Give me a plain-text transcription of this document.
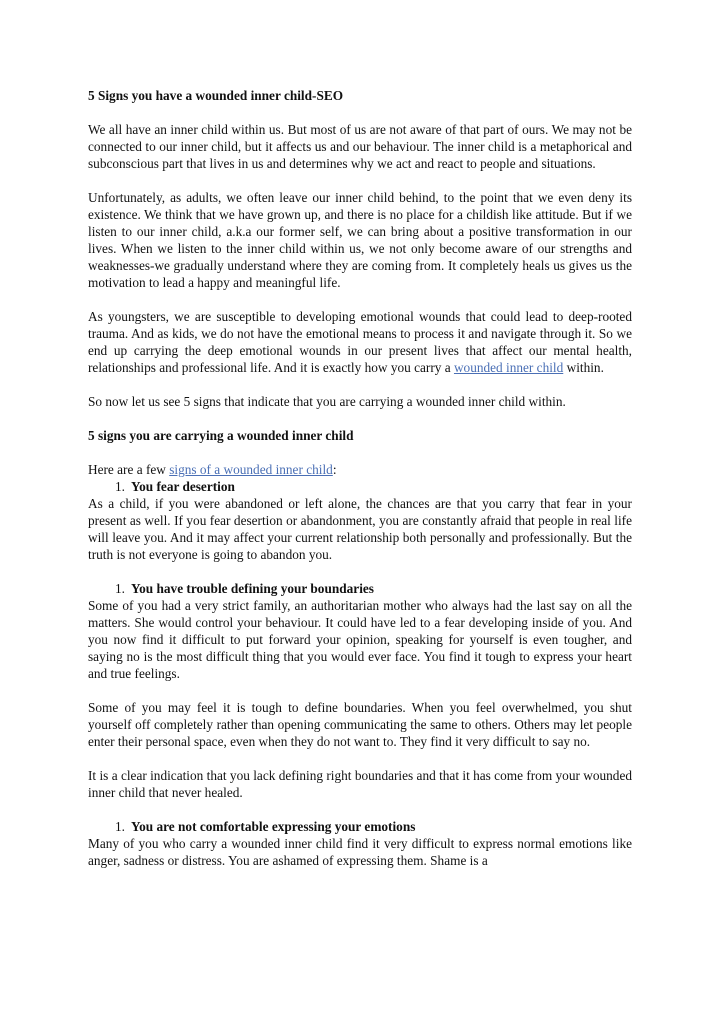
5 Signs you have a wounded inner child-SEO

We all have an inner child within us. But most of us are not aware of that part of ours. We may not be connected to our inner child, but it affects us and our behaviour. The inner child is a metaphorical and subconscious part that lives in us and determines why we act and react to people and situations.

Unfortunately, as adults, we often leave our inner child behind, to the point that we even deny its existence. We think that we have grown up, and there is no place for a childish like attitude. But if we listen to our inner child, a.k.a our former self, we can bring about a positive transformation in our lives. When we listen to the inner child within us, we not only become aware of our strengths and weaknesses-we gradually understand where they are coming from. It completely heals us gives us the motivation to lead a happy and meaningful life.

As youngsters, we are susceptible to developing emotional wounds that could lead to deep-rooted trauma. And as kids, we do not have the emotional means to process it and navigate through it. So we end up carrying the deep emotional wounds in our present lives that affect our mental health, relationships and professional life. And it is exactly how you carry a wounded inner child within.

So now let us see 5 signs that indicate that you are carrying a wounded inner child within.

5 signs you are carrying a wounded inner child

Here are a few signs of a wounded inner child:

1. You fear desertion

As a child, if you were abandoned or left alone, the chances are that you carry that fear in your present as well. If you fear desertion or abandonment, you are constantly afraid that people in real life will leave you. And it may affect your current relationship both personally and professionally. But the truth is not everyone is going to abandon you.

1. You have trouble defining your boundaries

Some of you had a very strict family, an authoritarian mother who always had the last say on all the matters. She would control your behaviour. It could have led to a fear developing inside of you. And you now find it difficult to put forward your opinion, speaking for yourself is even tougher, and saying no is the most difficult thing that you would ever face. You find it tough to express your heart and true feelings.

Some of you may feel it is tough to define boundaries. When you feel overwhelmed, you shut yourself off completely rather than opening communicating the same to others. Others may let people enter their personal space, even when they do not want to. They find it very difficult to say no.

It is a clear indication that you lack defining right boundaries and that it has come from your wounded inner child that never healed.

1. You are not comfortable expressing your emotions

Many of you who carry a wounded inner child find it very difficult to express normal emotions like anger, sadness or distress. You are ashamed of expressing them. Shame is a
